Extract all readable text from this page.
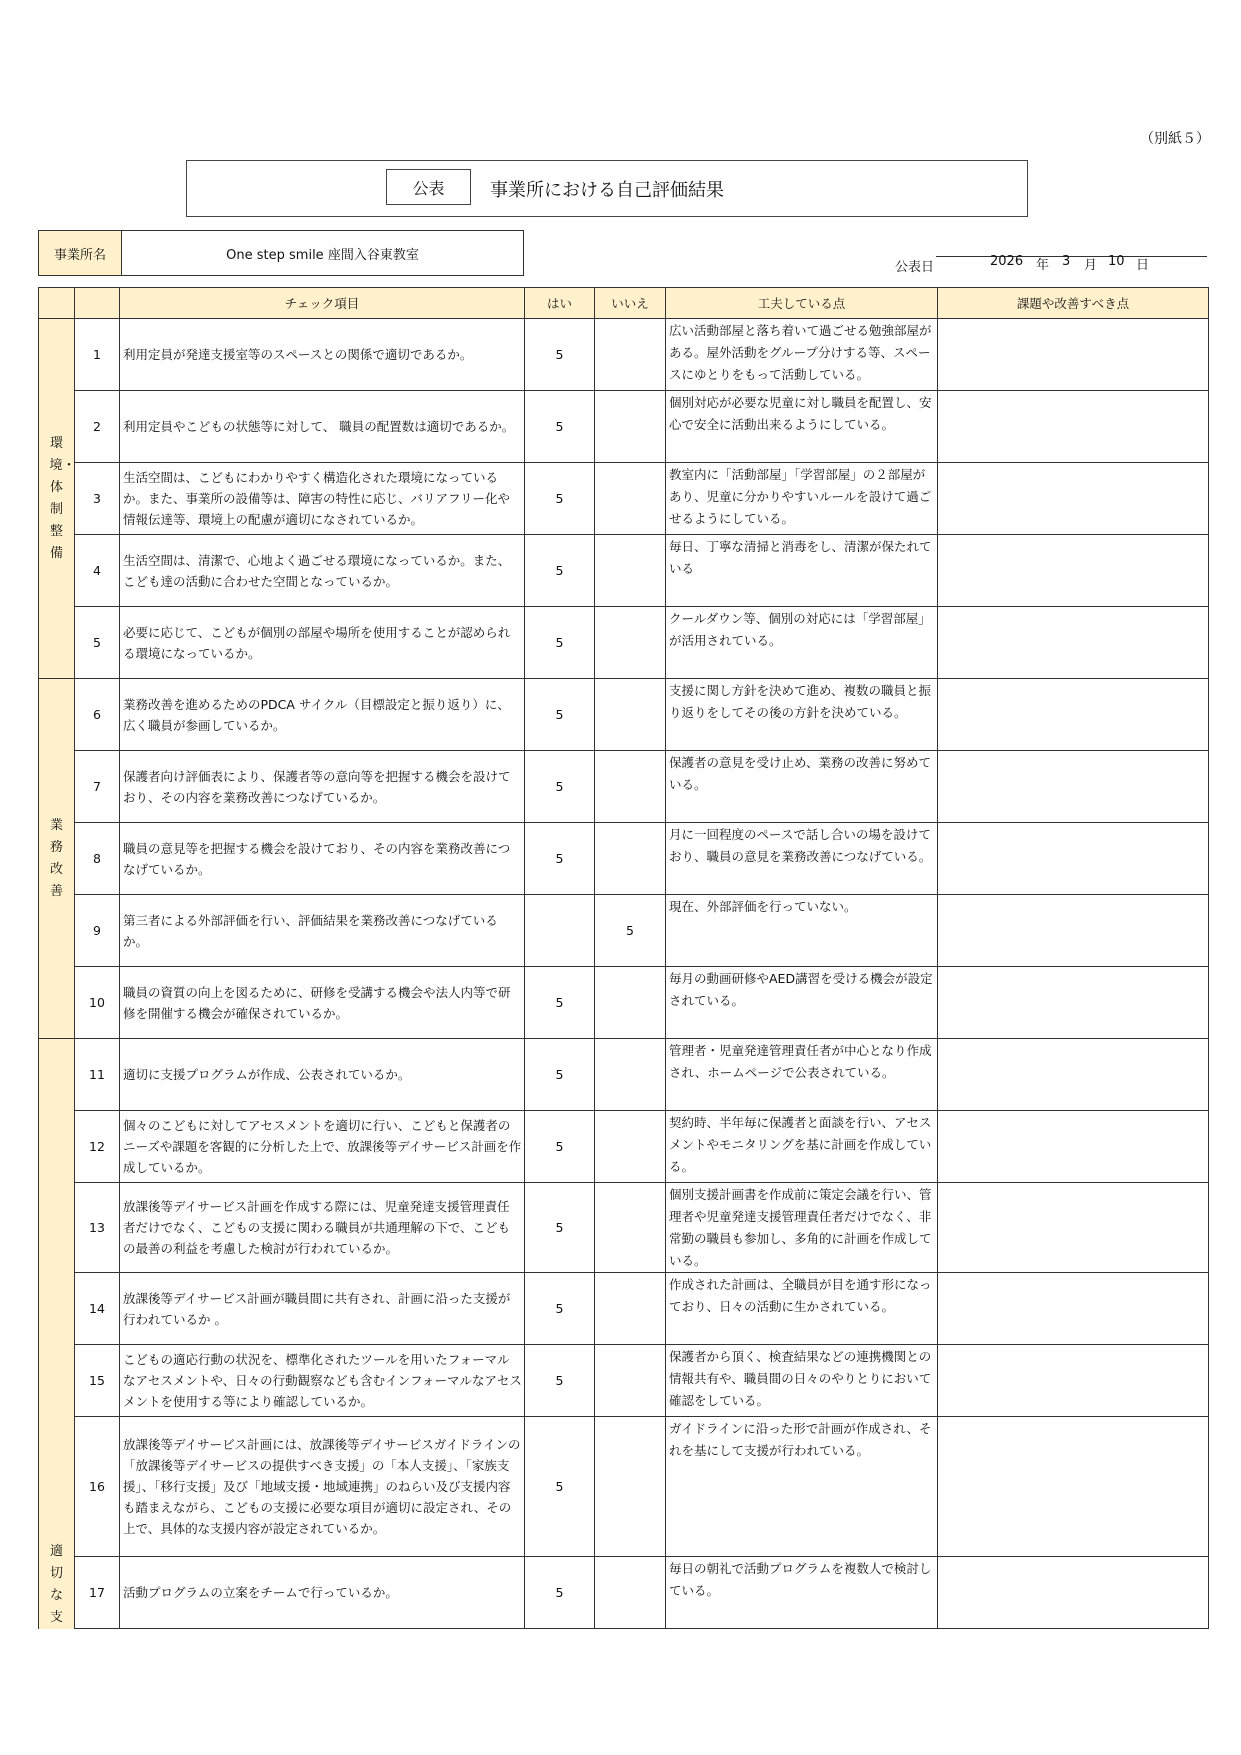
（別紙５）
公表	事業所における自己評価結果
事業所名	One step smile 座間入谷東教室
公表日	2026 年 3 月 10 日
		チェック項目	はい	いいえ	工夫している点	課題や改善すべき点
環境・体制整備	1	利用定員が発達支援室等のスペースとの関係で適切であるか。	5		広い活動部屋と落ち着いて過ごせる勉強部屋がある。屋外活動をグループ分けする等、スペースにゆとりをもって活動している。	
	2	利用定員やこどもの状態等に対して、 職員の配置数は適切であるか。	5		個別対応が必要な児童に対し職員を配置し、安心で安全に活動出来るようにしている。	
	3	生活空間は、こどもにわかりやすく構造化された環境になっているか。また、事業所の設備等は、障害の特性に応じ、バリアフリー化や情報伝達等、環境上の配慮が適切になされているか。	5		教室内に「活動部屋」「学習部屋」の２部屋があり、児童に分かりやすいルールを設けて過ごせるようにしている。	
	4	生活空間は、清潔で、心地よく過ごせる環境になっているか。また、こども達の活動に合わせた空間となっているか。	5		毎日、丁寧な清掃と消毒をし、清潔が保たれている	
	5	必要に応じて、こどもが個別の部屋や場所を使用することが認められる環境になっているか。	5		クールダウン等、個別の対応には「学習部屋」が活用されている。	
業務改善	6	業務改善を進めるためのPDCA サイクル（目標設定と振り返り）に、広く職員が参画しているか。	5		支援に関し方針を決めて進め、複数の職員と振り返りをしてその後の方針を決めている。	
	7	保護者向け評価表により、保護者等の意向等を把握する機会を設けており、その内容を業務改善につなげているか。	5		保護者の意見を受け止め、業務の改善に努めている。	
	8	職員の意見等を把握する機会を設けており、その内容を業務改善につなげているか。	5		月に一回程度のペースで話し合いの場を設けており、職員の意見を業務改善につなげている。	
	9	第三者による外部評価を行い、評価結果を業務改善につなげているか。		5	現在、外部評価を行っていない。	
	10	職員の資質の向上を図るために、研修を受講する機会や法人内等で研修を開催する機会が確保されているか。	5		毎月の動画研修やAED講習を受ける機会が設定されている。	
適切な支	11	適切に支援プログラムが作成、公表されているか。	5		管理者・児童発達管理責任者が中心となり作成され、ホームページで公表されている。	
	12	個々のこどもに対してアセスメントを適切に行い、こどもと保護者のニーズや課題を客観的に分析した上で、放課後等デイサービス計画を作成しているか。	5		契約時、半年毎に保護者と面談を行い、アセスメントやモニタリングを基に計画を作成している。	
	13	放課後等デイサービス計画を作成する際には、児童発達支援管理責任者だけでなく、こどもの支援に関わる職員が共通理解の下で、こどもの最善の利益を考慮した検討が行われているか。	5		個別支援計画書を作成前に策定会議を行い、管理者や児童発達支援管理責任者だけでなく、非常勤の職員も参加し、多角的に計画を作成している。	
	14	放課後等デイサービス計画が職員間に共有され、計画に沿った支援が行われているか 。	5		作成された計画は、全職員が目を通す形になっており、日々の活動に生かされている。	
	15	こどもの適応行動の状況を、標準化されたツールを用いたフォーマルなアセスメントや、日々の行動観察なども含むインフォーマルなアセスメントを使用する等により確認しているか。	5		保護者から頂く、検査結果などの連携機関との情報共有や、職員間の日々のやりとりにおいて確認をしている。	
	16	放課後等デイサービス計画には、放課後等デイサービスガイドラインの「放課後等デイサービスの提供すべき支援」の「本人支援」、「家族支援」、「移行支援」及び「地域支援・地域連携」のねらい及び支援内容も踏まえながら、こどもの支援に必要な項目が適切に設定され、その上で、具体的な支援内容が設定されているか。	5		ガイドラインに沿った形で計画が作成され、それを基にして支援が行われている。	
	17	活動プログラムの立案をチームで行っているか。	5		毎日の朝礼で活動プログラムを複数人で検討している。	
